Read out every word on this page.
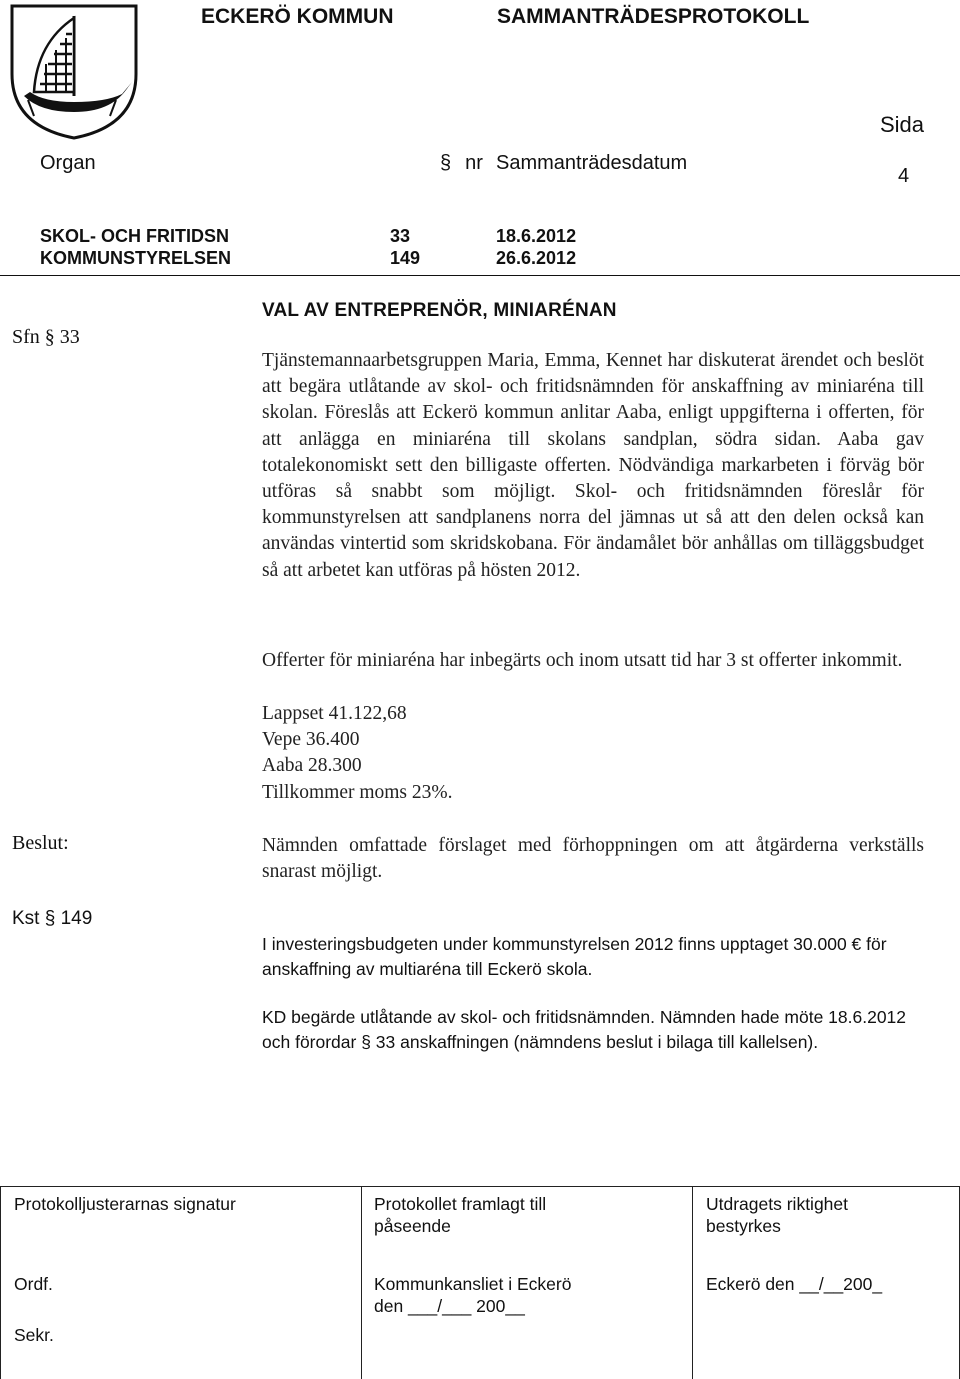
ECKERÖ KOMMUN	SAMMANTRÄDESPROTOKOLL
Sida
4
Organ	§ nr Sammanträdesdatum
SKOL- OCH FRITIDSN	33	18.6.2012
KOMMUNSTYRELSEN	149	26.6.2012
Sfn § 33
VAL AV ENTREPRENÖR, MINIARÉNAN
Tjänstemannaarbetsgruppen Maria, Emma, Kennet har diskuterat ärendet och beslöt att begära utlåtande av skol- och fritidsnämnden för anskaffning av miniaréna till skolan. Föreslås att Eckerö kommun anlitar Aaba, enligt uppgifterna i offerten, för att anlägga en miniaréna till skolans sandplan, södra sidan. Aaba gav totalekonomiskt sett den billigaste offerten. Nödvändiga markarbeten i förväg bör utföras så snabbt som möjligt. Skol- och fritidsnämnden föreslår för kommunstyrelsen att sandplanens norra del jämnas ut så att den delen också kan användas vintertid som skridskobana. För ändamålet bör anhållas om tilläggsbudget så att arbetet kan utföras på hösten 2012.
Offerter för miniaréna har inbegärts och inom utsatt tid har 3 st offerter inkommit.
Lappset 41.122,68
Vepe 36.400
Aaba 28.300
Tillkommer moms 23%.
Beslut:	Nämnden omfattade förslaget med förhoppningen om att åtgärderna verkställs snarast möjligt.
Kst § 149
I investeringsbudgeten under kommunstyrelsen 2012 finns upptaget 30.000 € för anskaffning av multiaréna till Eckerö skola.
KD begärde utlåtande av skol- och fritidsnämnden. Nämnden hade möte 18.6.2012 och förordar § 33 anskaffningen (nämndens beslut i bilaga till kallelsen).
Protokolljusterarnas signatur
Ordf.
Sekr.
Protokollet framlagt till
påseende
Kommunkansliet i Eckerö
den ___/___ 200__
Utdragets riktighet
bestyrkes
Eckerö den __/__200_
